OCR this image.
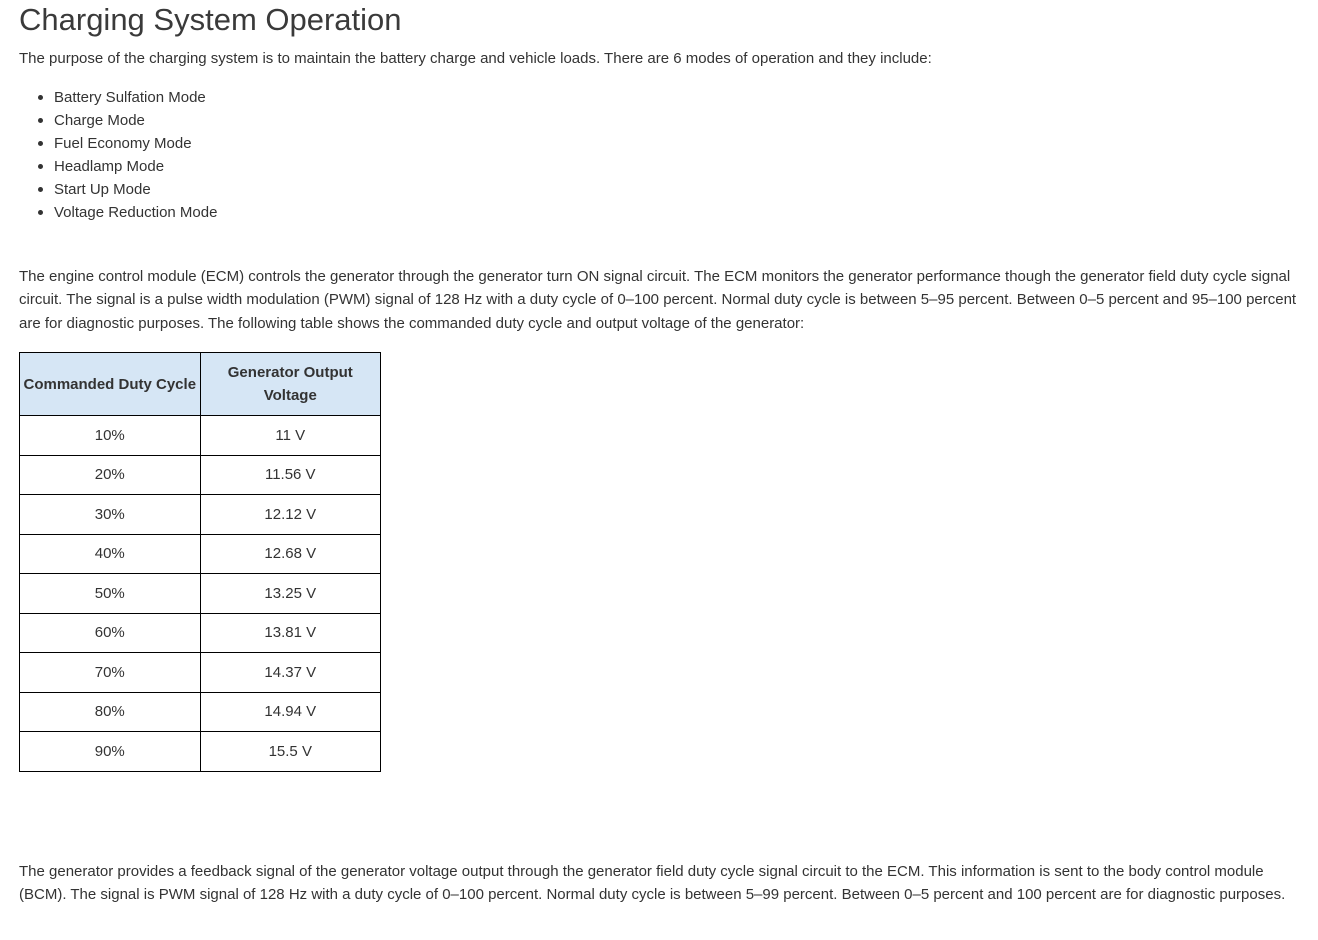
Charging System Operation

The purpose of the charging system is to maintain the battery charge and vehicle loads. There are 6 modes of operation and they include:

Battery Sulfation Mode
Charge Mode
Fuel Economy Mode
Headlamp Mode
Start Up Mode
Voltage Reduction Mode

The engine control module (ECM) controls the generator through the generator turn ON signal circuit. The ECM monitors the generator performance though the generator field duty cycle signal circuit. The signal is a pulse width modulation (PWM) signal of 128 Hz with a duty cycle of 0–100 percent. Normal duty cycle is between 5–95 percent. Between 0–5 percent and 95–100 percent are for diagnostic purposes. The following table shows the commanded duty cycle and output voltage of the generator:

Commanded Duty Cycle	Generator Output Voltage
10%	11 V
20%	11.56 V
30%	12.12 V
40%	12.68 V
50%	13.25 V
60%	13.81 V
70%	14.37 V
80%	14.94 V
90%	15.5 V

The generator provides a feedback signal of the generator voltage output through the generator field duty cycle signal circuit to the ECM. This information is sent to the body control module (BCM). The signal is PWM signal of 128 Hz with a duty cycle of 0–100 percent. Normal duty cycle is between 5–99 percent. Between 0–5 percent and 100 percent are for diagnostic purposes.
